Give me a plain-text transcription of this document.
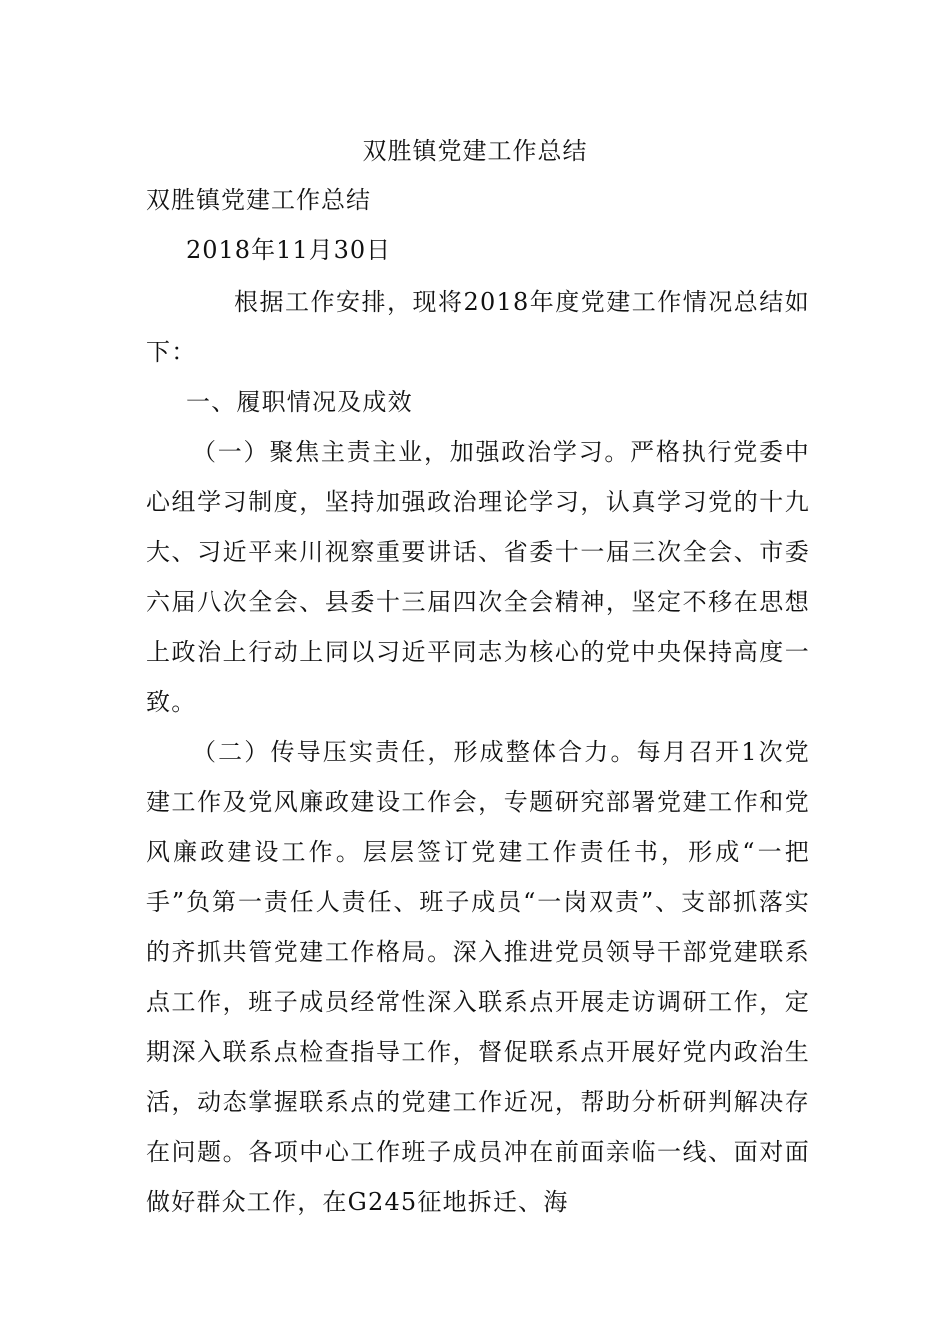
双胜镇党建工作总结
双胜镇党建工作总结
2018年11月30日

根据工作安排，现将2018年度党建工作情况总结如下：

一、履职情况及成效

（一）聚焦主责主业，加强政治学习。严格执行党委中心组学习制度，坚持加强政治理论学习，认真学习党的十九大、习近平来川视察重要讲话、省委十一届三次全会、市委六届八次全会、县委十三届四次全会精神，坚定不移在思想上政治上行动上同以习近平同志为核心的党中央保持高度一致。

（二）传导压实责任，形成整体合力。每月召开1次党建工作及党风廉政建设工作会，专题研究部署党建工作和党风廉政建设工作。层层签订党建工作责任书，形成“一把手”负第一责任人责任、班子成员“一岗双责”、支部抓落实的齐抓共管党建工作格局。深入推进党员领导干部党建联系点工作，班子成员经常性深入联系点开展走访调研工作，定期深入联系点检查指导工作，督促联系点开展好党内政治生活，动态掌握联系点的党建工作近况，帮助分析研判解决存在问题。各项中心工作班子成员冲在前面亲临一线、面对面做好群众工作，在G245征地拆迁、海
